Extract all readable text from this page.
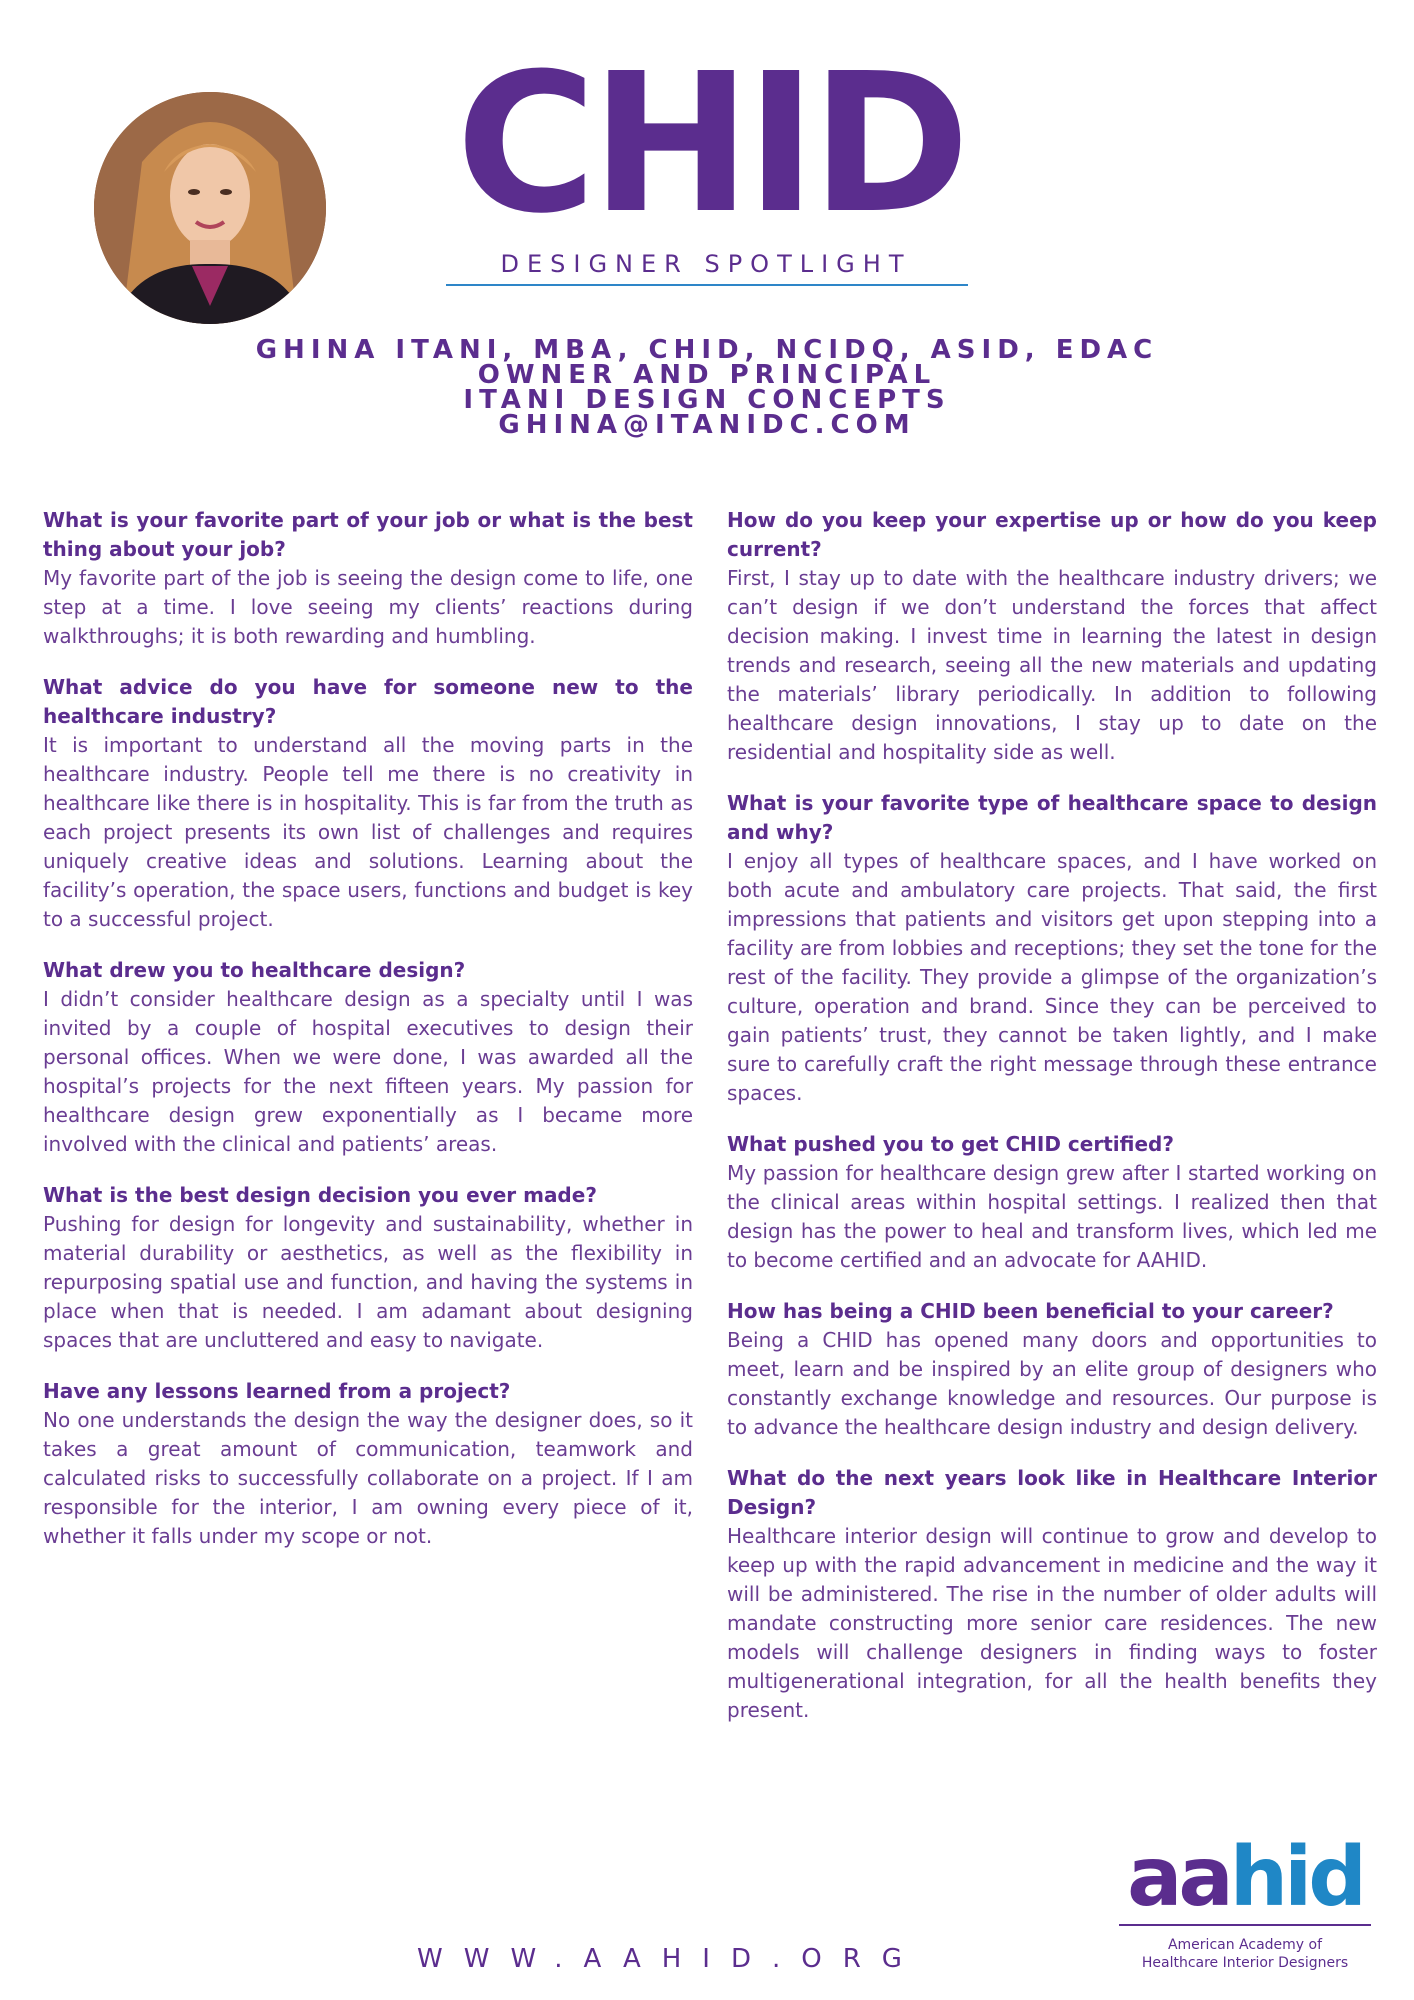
CHID
DESIGNER SPOTLIGHT
GHINA ITANI, MBA, CHID, NCIDQ, ASID, EDAC
OWNER AND PRINCIPAL
ITANI DESIGN CONCEPTS
GHINA@ITANIDC.COM

What is your favorite part of your job or what is the best thing about your job?

My favorite part of the job is seeing the design come to life, one step at a time. I love seeing my clients’ reactions during walkthroughs; it is both rewarding and humbling.

What advice do you have for someone new to the healthcare industry?

It is important to understand all the moving parts in the healthcare industry. People tell me there is no creativity in healthcare like there is in hospitality. This is far from the truth as each project presents its own list of challenges and requires uniquely creative ideas and solutions. Learning about the facility’s operation, the space users, functions and budget is key to a successful project.

What drew you to healthcare design?

I didn’t consider healthcare design as a specialty until I was invited by a couple of hospital executives to design their personal offices. When we were done, I was awarded all the hospital’s projects for the next fifteen years. My passion for healthcare design grew exponentially as I became more involved with the clinical and patients’ areas.

What is the best design decision you ever made?

Pushing for design for longevity and sustainability, whether in material durability or aesthetics, as well as the flexibility in repurposing spatial use and function, and having the systems in place when that is needed. I am adamant about designing spaces that are uncluttered and easy to navigate.

Have any lessons learned from a project?

No one understands the design the way the designer does, so it takes a great amount of communication, teamwork and calculated risks to successfully collaborate on a project. If I am responsible for the interior, I am owning every piece of it, whether it falls under my scope or not.

How do you keep your expertise up or how do you keep current?

First, I stay up to date with the healthcare industry drivers; we can’t design if we don’t understand the forces that affect decision making. I invest time in learning the latest in design trends and research, seeing all the new materials and updating the materials’ library periodically. In addition to following healthcare design innovations, I stay up to date on the residential and hospitality side as well.

What is your favorite type of healthcare space to design and why?

I enjoy all types of healthcare spaces, and I have worked on both acute and ambulatory care projects. That said, the first impressions that patients and visitors get upon stepping into a facility are from lobbies and receptions; they set the tone for the rest of the facility. They provide a glimpse of the organization’s culture, operation and brand. Since they can be perceived to gain patients’ trust, they cannot be taken lightly, and I make sure to carefully craft the right message through these entrance spaces.

What pushed you to get CHID certified?

My passion for healthcare design grew after I started working on the clinical areas within hospital settings. I realized then that design has the power to heal and transform lives, which led me to become certified and an advocate for AAHID.

How has being a CHID been beneficial to your career?

Being a CHID has opened many doors and opportunities to meet, learn and be inspired by an elite group of designers who constantly exchange knowledge and resources. Our purpose is to advance the healthcare design industry and design delivery.

What do the next years look like in Healthcare Interior Design?

Healthcare interior design will continue to grow and develop to keep up with the rapid advancement in medicine and the way it will be administered. The rise in the number of older adults will mandate constructing more senior care residences. The new models will challenge designers in finding ways to foster multigenerational integration, for all the health benefits they present.

WWW.AAHID.ORG
aahid
American Academy of
Healthcare Interior Designers
